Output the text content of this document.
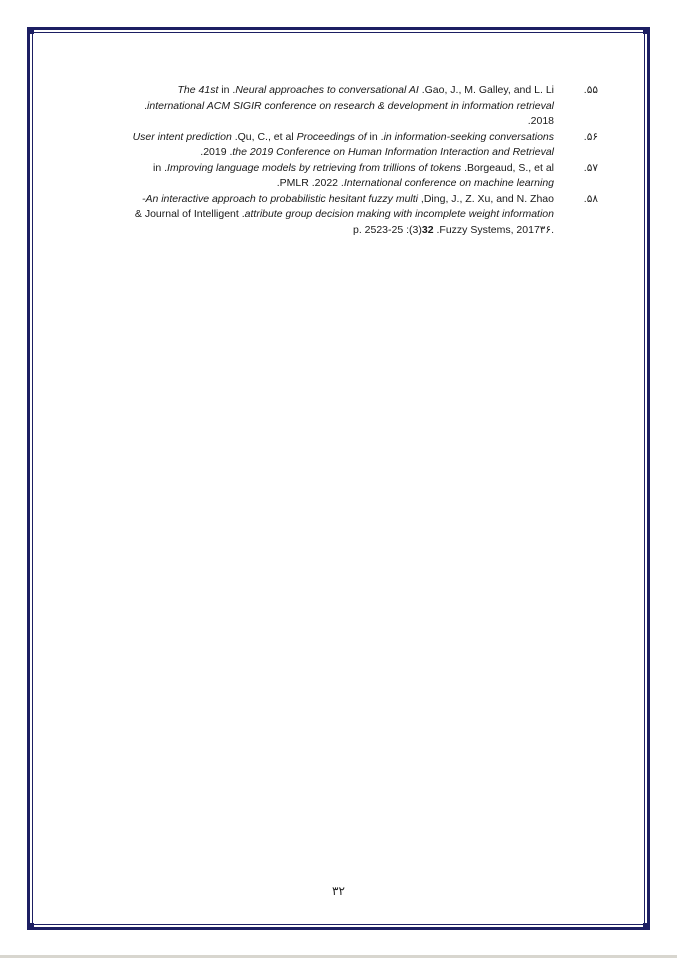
.۵۵
Gao, J., M. Galley, and L. Li. Neural approaches to conversational AI. in The 41st
international ACM SIGIR conference on research & development in information retrieval.
2018.
.۵۶
in information-seeking conversations. in Proceedings of Qu, C., et al. User intent prediction
the 2019 Conference on Human Information Interaction and Retrieval. 2019.
.۵۷
Borgeaud, S., et al. Improving language models by retrieving from trillions of tokens. in
International conference on machine learning. 2022. PMLR.
.۵۸
Ding, J., Z. Xu, and N. Zhao, An interactive approach to probabilistic hesitant fuzzy multi-
attribute group decision making with incomplete weight information. Journal of Intelligent &
.۳۶Fuzzy Systems, 2017. 32(3): p. 2523-25
۳۲
